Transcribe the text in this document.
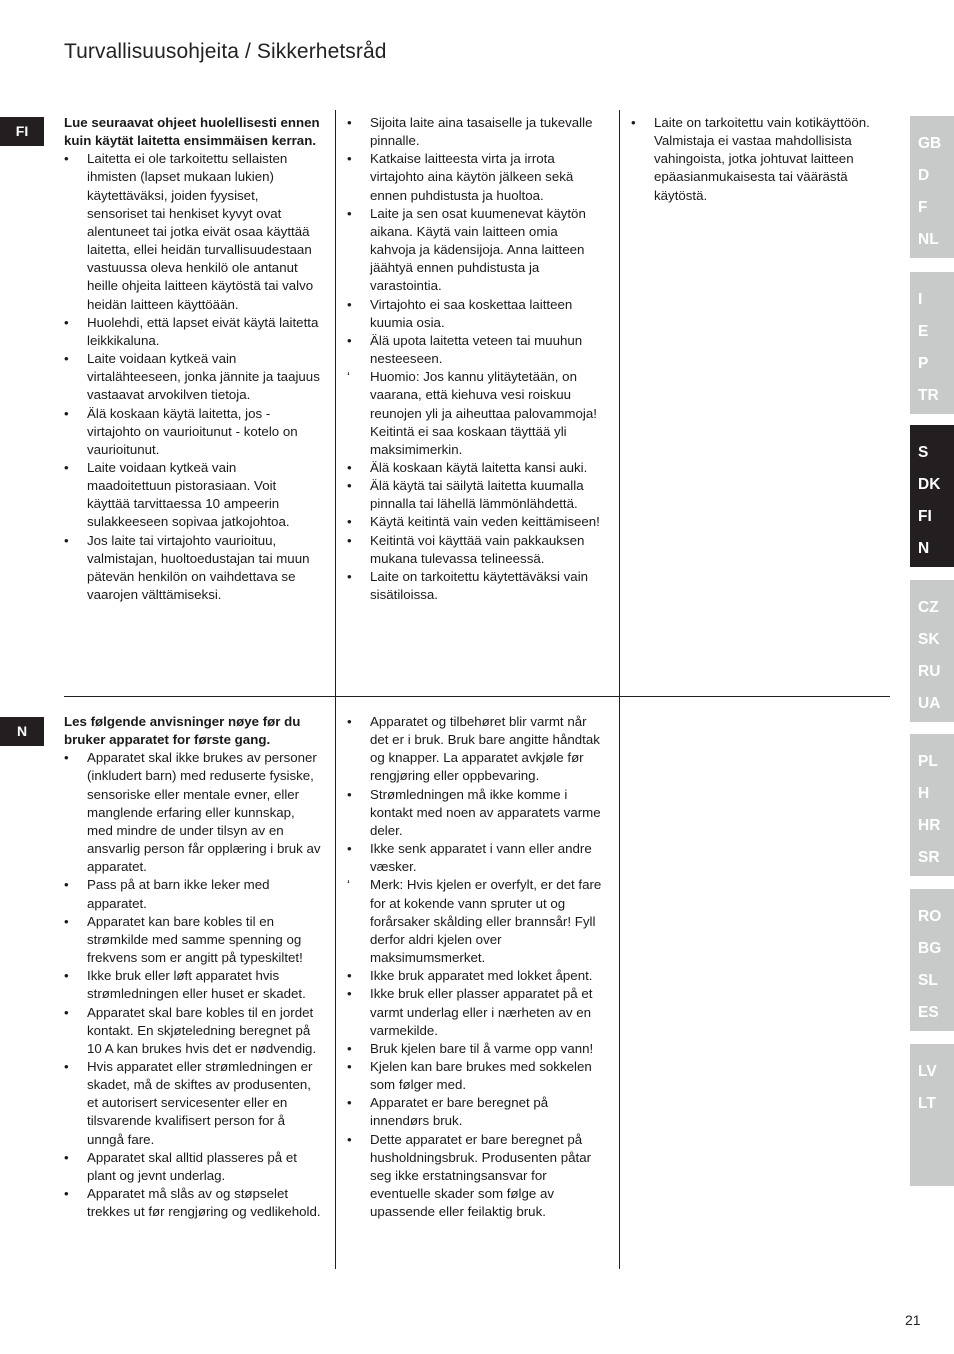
Turvallisuusohjeita / Sikkerhetsråd
FI

Lue seuraavat ohjeet huolellisesti ennen kuin käytät laitetta ensimmäisen kerran.

•	Laitetta ei ole tarkoitettu sellaisten ihmisten (lapset mukaan lukien) käytettäväksi, joiden fyysiset, sensoriset tai henkiset kyvyt ovat alentuneet tai jotka eivät osaa käyttää laitetta, ellei heidän turvallisuudestaan vastuussa oleva henkilö ole antanut heille ohjeita laitteen käytöstä tai valvo heidän laitteen käyttöään.
•	Huolehdi, että lapset eivät käytä laitetta leikkikaluna.
•	Laite voidaan kytkeä vain virtalähteeseen, jonka jännite ja taajuus vastaavat arvokilven tietoja.
•	Älä koskaan käytä laitetta, jos -virtajohto on vaurioitunut - kotelo on vaurioitunut.
•	Laite voidaan kytkeä vain maadoitettuun pistorasiaan. Voit käyttää tarvittaessa 10 ampeerin sulakkeeseen sopivaa jatkojohtoa.
•	Jos laite tai virtajohto vaurioituu, valmistajan, huoltoedustajan tai muun pätevän henkilön on vaihdettava se vaarojen välttämiseksi.
•	Sijoita laite aina tasaiselle ja tukevalle pinnalle.
•	Katkaise laitteesta virta ja irrota virtajohto aina käytön jälkeen sekä ennen puhdistusta ja huoltoa.
•	Laite ja sen osat kuumenevat käytön aikana. Käytä vain laitteen omia kahvoja ja kädensijoja. Anna laitteen jäähtyä ennen puhdistusta ja varastointia.
•	Virtajohto ei saa koskettaa laitteen kuumia osia.
•	Älä upota laitetta veteen tai muuhun nesteeseen.
‘	Huomio: Jos kannu ylitäytetään, on vaarana, että kiehuva vesi roiskuu reunojen yli ja aiheuttaa palovammoja! Keitintä ei saa koskaan täyttää yli maksimimerkin.
•	Älä koskaan käytä laitetta kansi auki.
•	Älä käytä tai säilytä laitetta kuumalla pinnalla tai lähellä lämmönlähdettä.
•	Käytä keitintä vain veden keittämiseen!
•	Keitintä voi käyttää vain pakkauksen mukana tulevassa telineessä.
•	Laite on tarkoitettu käytettäväksi vain sisätiloissa.
•	Laite on tarkoitettu vain kotikäyttöön. Valmistaja ei vastaa mahdollisista vahingoista, jotka johtuvat laitteen epäasianmukaisesta tai väärästä käytöstä.
N

Les følgende anvisninger nøye før du bruker apparatet for første gang.

•	Apparatet skal ikke brukes av personer (inkludert barn) med reduserte fysiske, sensoriske eller mentale evner, eller manglende erfaring eller kunnskap, med mindre de under tilsyn av en ansvarlig person får opplæring i bruk av apparatet.
•	Pass på at barn ikke leker med apparatet.
•	Apparatet kan bare kobles til en strømkilde med samme spenning og frekvens som er angitt på typeskiltet!
•	Ikke bruk eller løft apparatet hvis strømledningen eller huset er skadet.
•	Apparatet skal bare kobles til en jordet kontakt. En skjøteledning beregnet på 10 A kan brukes hvis det er nødvendig.
•	Hvis apparatet eller strømledningen er skadet, må de skiftes av produsenten, et autorisert servicesenter eller en tilsvarende kvalifisert person for å unngå fare.
•	Apparatet skal alltid plasseres på et plant og jevnt underlag.
•	Apparatet må slås av og støpselet trekkes ut før rengjøring og vedlikehold.
•	Apparatet og tilbehøret blir varmt når det er i bruk. Bruk bare angitte håndtak og knapper. La apparatet avkjøle før rengjøring eller oppbevaring.
•	Strømledningen må ikke komme i kontakt med noen av apparatets varme deler.
•	Ikke senk apparatet i vann eller andre væsker.
‘	Merk: Hvis kjelen er overfylt, er det fare for at kokende vann spruter ut og forårsaker skålding eller brannsår! Fyll derfor aldri kjelen over maksimumsmerket.
•	Ikke bruk apparatet med lokket åpent.
•	Ikke bruk eller plasser apparatet på et varmt underlag eller i nærheten av en varmekilde.
•	Bruk kjelen bare til å varme opp vann!
•	Kjelen kan bare brukes med sokkelen som følger med.
•	Apparatet er bare beregnet på innendørs bruk.
•	Dette apparatet er bare beregnet på husholdningsbruk. Produsenten påtar seg ikke erstatningsansvar for eventuelle skader som følge av upassende eller feilaktig bruk.
GB
D
F
NL
I
E
P
TR
S
DK
FI
N
CZ
SK
RU
UA
PL
H
HR
SR
RO
BG
SL
ES
LV
LT
21
